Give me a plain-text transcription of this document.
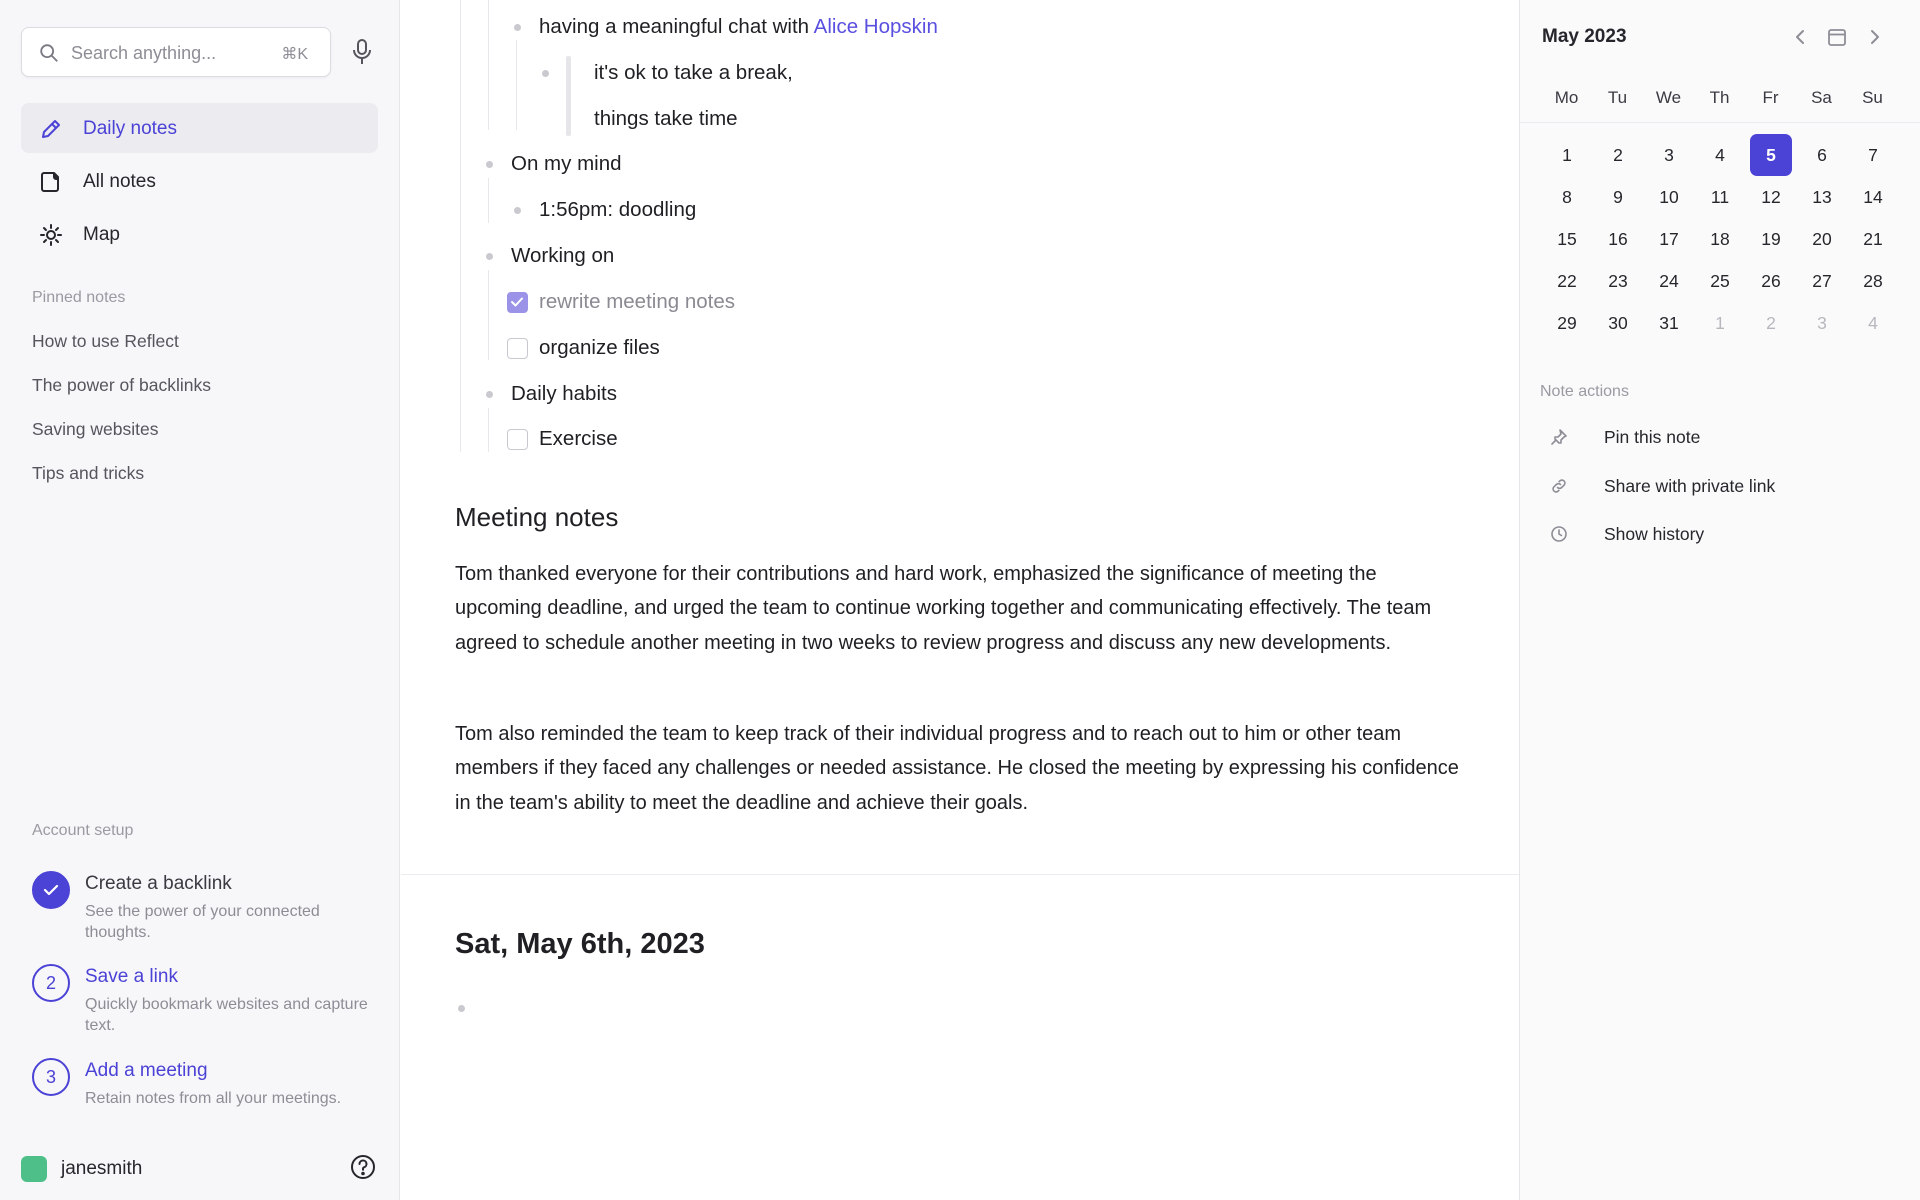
Search anything...	⌘K
Daily notes
All notes
Map
Pinned notes
How to use Reflect
The power of backlinks
Saving websites
Tips and tricks
Account setup
Create a backlink
See the power of your connected thoughts.
2	Save a link
Quickly bookmark websites and capture text.
3	Add a meeting
Retain notes from all your meetings.
janesmith
having a meaningful chat with Alice Hopskin
it's ok to take a break,
things take time
On my mind
1:56pm: doodling
Working on
rewrite meeting notes
organize files
Daily habits
Exercise
Meeting notes
Tom thanked everyone for their contributions and hard work, emphasized the significance of meeting the upcoming deadline, and urged the team to continue working together and communicating effectively. The team agreed to schedule another meeting in two weeks to review progress and discuss any new developments.
Tom also reminded the team to keep track of their individual progress and to reach out to him or other team members if they faced any challenges or needed assistance. He closed the meeting by expressing his confidence in the team's ability to meet the deadline and achieve their goals.
Sat, May 6th, 2023
May 2023
Mo	Tu	We	Th	Fr	Sa	Su
1	2	3	4	5	6	7
8	9	10	11	12	13	14
15	16	17	18	19	20	21
22	23	24	25	26	27	28
29	30	31	1	2	3	4
Note actions
Pin this note
Share with private link
Show history
